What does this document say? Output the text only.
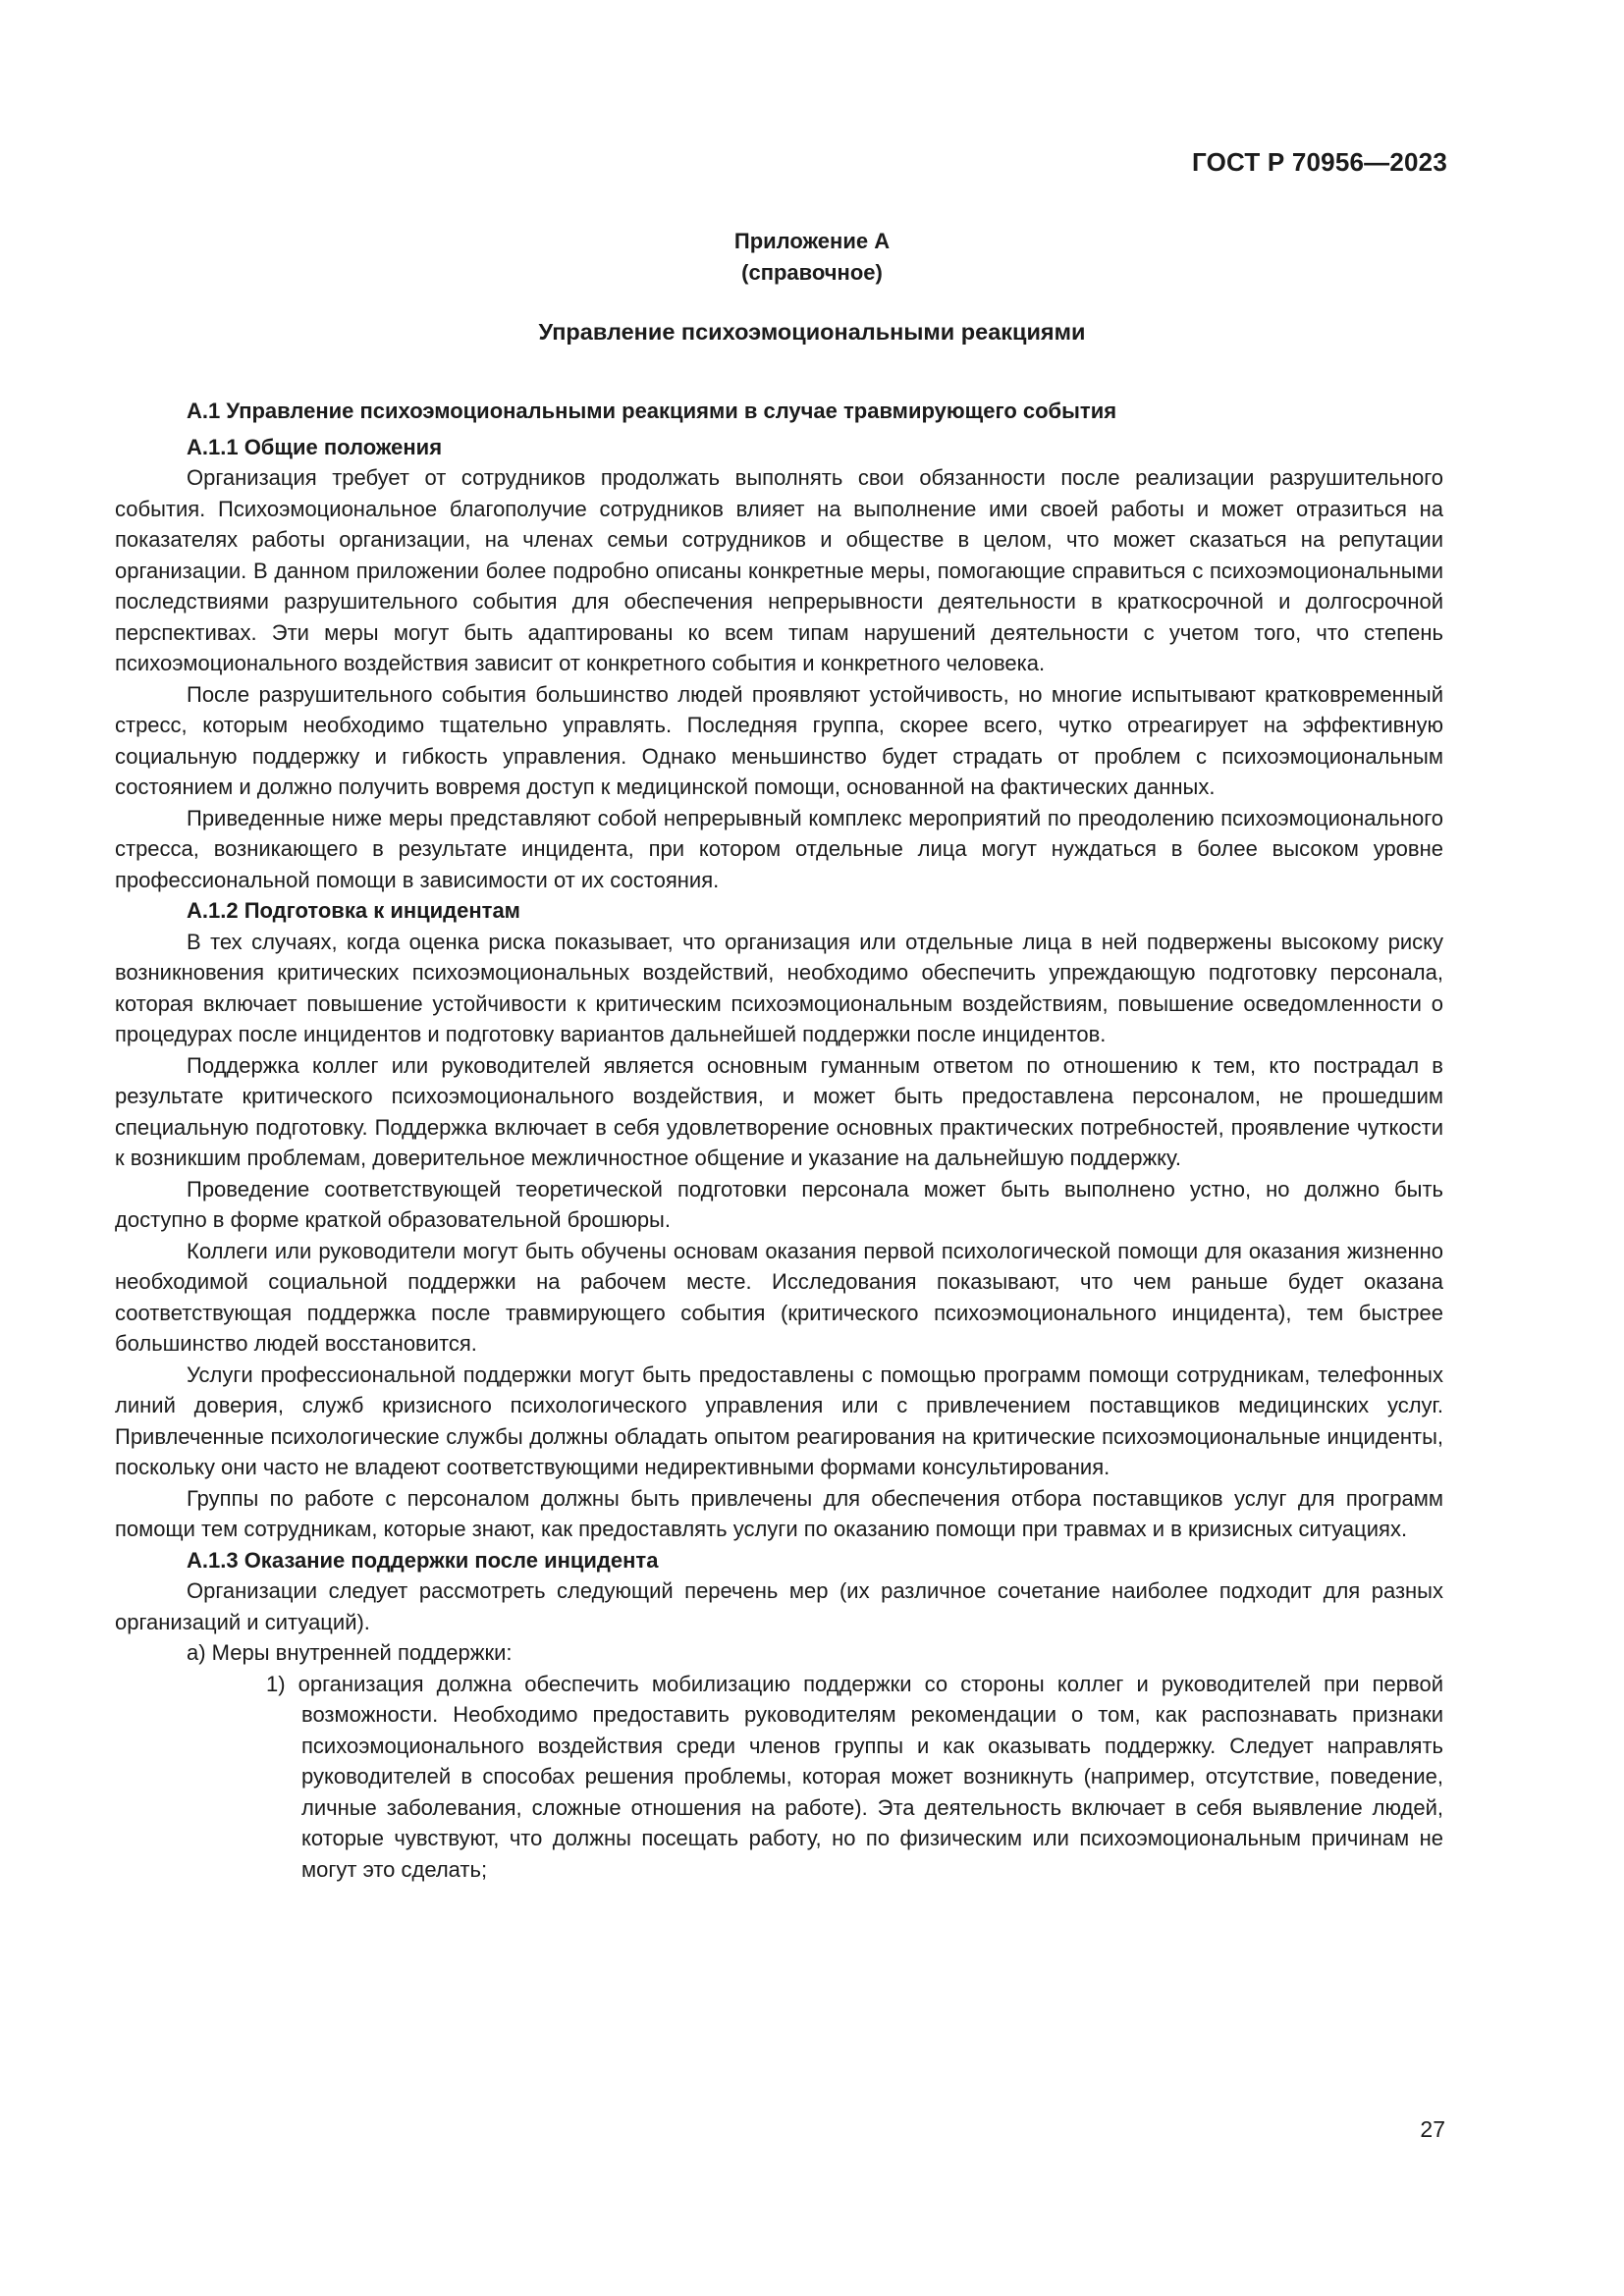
ГОСТ Р 70956—2023
Приложение А
(справочное)
Управление психоэмоциональными реакциями

А.1 Управление психоэмоциональными реакциями в случае травмирующего события

А.1.1 Общие положения

Организация требует от сотрудников продолжать выполнять свои обязанности после реализации разрушительного события. Психоэмоциональное благополучие сотрудников влияет на выполнение ими своей работы и может отразиться на показателях работы организации, на членах семьи сотрудников и обществе в целом, что может сказаться на репутации организации. В данном приложении более подробно описаны конкретные меры, помогающие справиться с психоэмоциональными последствиями разрушительного события для обеспечения непрерывности деятельности в краткосрочной и долгосрочной перспективах. Эти меры могут быть адаптированы ко всем типам нарушений деятельности с учетом того, что степень психоэмоционального воздействия зависит от конкретного события и конкретного человека.

После разрушительного события большинство людей проявляют устойчивость, но многие испытывают кратковременный стресс, которым необходимо тщательно управлять. Последняя группа, скорее всего, чутко отреагирует на эффективную социальную поддержку и гибкость управления. Однако меньшинство будет страдать от проблем с психоэмоциональным состоянием и должно получить вовремя доступ к медицинской помощи, основанной на фактических данных.

Приведенные ниже меры представляют собой непрерывный комплекс мероприятий по преодолению психоэмоционального стресса, возникающего в результате инцидента, при котором отдельные лица могут нуждаться в более высоком уровне профессиональной помощи в зависимости от их состояния.

А.1.2 Подготовка к инцидентам

В тех случаях, когда оценка риска показывает, что организация или отдельные лица в ней подвержены высокому риску возникновения критических психоэмоциональных воздействий, необходимо обеспечить упреждающую подготовку персонала, которая включает повышение устойчивости к критическим психоэмоциональным воздействиям, повышение осведомленности о процедурах после инцидентов и подготовку вариантов дальнейшей поддержки после инцидентов.

Поддержка коллег или руководителей является основным гуманным ответом по отношению к тем, кто пострадал в результате критического психоэмоционального воздействия, и может быть предоставлена персоналом, не прошедшим специальную подготовку. Поддержка включает в себя удовлетворение основных практических потребностей, проявление чуткости к возникшим проблемам, доверительное межличностное общение и указание на дальнейшую поддержку.

Проведение соответствующей теоретической подготовки персонала может быть выполнено устно, но должно быть доступно в форме краткой образовательной брошюры.

Коллеги или руководители могут быть обучены основам оказания первой психологической помощи для оказания жизненно необходимой социальной поддержки на рабочем месте. Исследования показывают, что чем раньше будет оказана соответствующая поддержка после травмирующего события (критического психоэмоционального инцидента), тем быстрее большинство людей восстановится.

Услуги профессиональной поддержки могут быть предоставлены с помощью программ помощи сотрудникам, телефонных линий доверия, служб кризисного психологического управления или с привлечением поставщиков медицинских услуг. Привлеченные психологические службы должны обладать опытом реагирования на критические психоэмоциональные инциденты, поскольку они часто не владеют соответствующими недирективными формами консультирования.

Группы по работе с персоналом должны быть привлечены для обеспечения отбора поставщиков услуг для программ помощи тем сотрудникам, которые знают, как предоставлять услуги по оказанию помощи при травмах и в кризисных ситуациях.

А.1.3 Оказание поддержки после инцидента

Организации следует рассмотреть следующий перечень мер (их различное сочетание наиболее подходит для разных организаций и ситуаций).

а) Меры внутренней поддержки:

1) организация должна обеспечить мобилизацию поддержки со стороны коллег и руководителей при первой возможности. Необходимо предоставить руководителям рекомендации о том, как распознавать признаки психоэмоционального воздействия среди членов группы и как оказывать поддержку. Следует направлять руководителей в способах решения проблемы, которая может возникнуть (например, отсутствие, поведение, личные заболевания, сложные отношения на работе). Эта деятельность включает в себя выявление людей, которые чувствуют, что должны посещать работу, но по физическим или психоэмоциональным причинам не могут это сделать;

27
